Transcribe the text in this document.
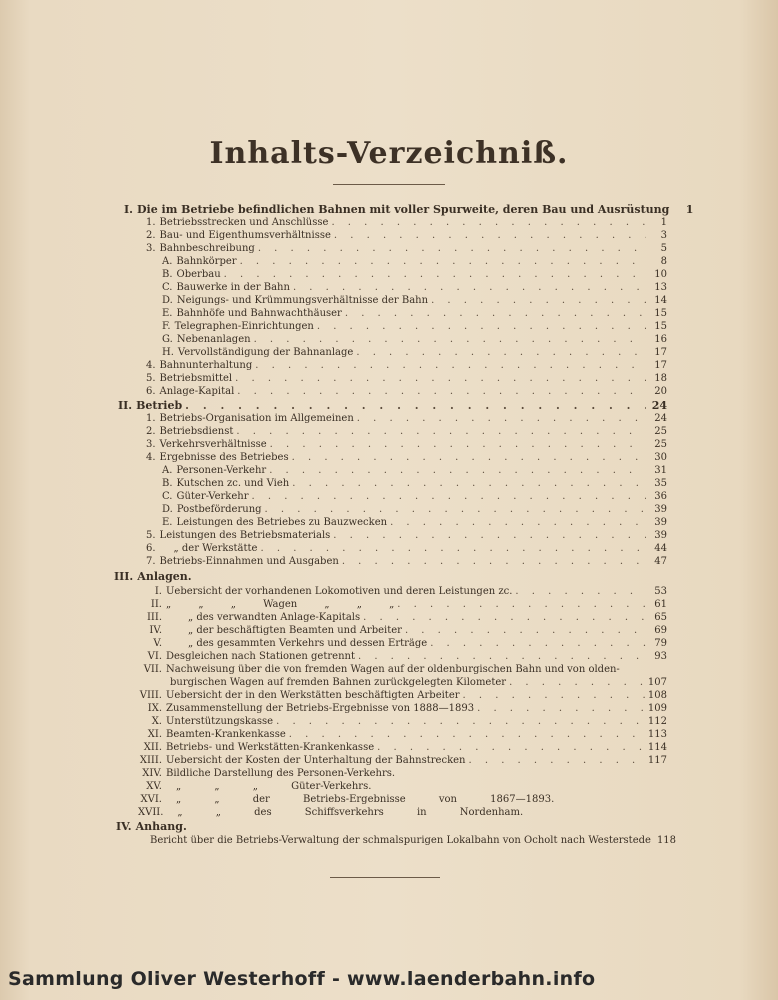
Inhalts-Verzeichniß.
I. Die im Betriebe befindlichen Bahnen mit voller Spurweite, deren Bau und Ausrüstung	1
1. Betriebsstrecken und Anschlüsse . . .	1
2. Bau- und Eigenthumsverhältnisse . . .	3
3. Bahnbeschreibung . . .	5
A. Bahnkörper . . .	8
B. Oberbau . . .	10
C. Bauwerke in der Bahn . . .	13
D. Neigungs- und Krümmungsverhältnisse der Bahn . . .	14
E. Bahnhöfe und Bahnwachthäuser . . .	15
F. Telegraphen-Einrichtungen . . .	15
G. Nebenanlagen . . .	16
H. Vervollständigung der Bahnanlage . . .	17
4. Bahnunterhaltung . . .	17
5. Betriebsmittel . . .	18
6. Anlage-Kapital . . .	20
II. Betrieb . . .	24
1. Betriebs-Organisation im Allgemeinen . . .	24
2. Betriebsdienst . . .	25
3. Verkehrsverhältnisse . . .	25
4. Ergebnisse des Betriebes . . .	30
A. Personen-Verkehr . . .	31
B. Kutschen zc. und Vieh . . .	35
C. Güter-Verkehr . . .	36
D. Postbeförderung . . .	39
E. Leistungen des Betriebes zu Bauzwecken . . .	39
5. Leistungen des Betriebsmaterials . . .	39
6.	„ der Werkstätte . . .	44
7. Betriebs-Einnahmen und Ausgaben . . .	47
III. Anlagen.
I. Uebersicht der vorhandenen Lokomotiven und deren Leistungen zc. . . .	53
II. „ „ „ Wagen „ „ „ . . .	61
III.	„ des verwandten Anlage-Kapitals . . .	65
IV.	„ der beschäftigten Beamten und Arbeiter . . .	69
V.	„ des gesammten Verkehrs und dessen Erträge . . .	79
VI. Desgleichen nach Stationen getrennt . . .	93
VII. Nachweisung über die von fremden Wagen auf der oldenburgischen Bahn und von olden-
burgischen Wagen auf fremden Bahnen zurückgelegten Kilometer . . .	107
VIII. Uebersicht der in den Werkstätten beschäftigten Arbeiter . . .	108
IX. Zusammenstellung der Betriebs-Ergebnisse von 1888—1893 . . .	109
X. Unterstützungskasse . . .	112
XI. Beamten-Krankenkasse . . .	113
XII. Betriebs- und Werkstätten-Krankenkasse . . .	114
XIII. Uebersicht der Kosten der Unterhaltung der Bahnstrecken . . .	117
XIV. Bildliche Darstellung des Personen-Verkehrs.
XV.	„ „ „ Güter-Verkehrs.
XVI.	„ „ der Betriebs-Ergebnisse von 1867—1893.
XVII.	„ „ des Schiffsverkehrs in Nordenham.
IV. Anhang.
Bericht über die Betriebs-Verwaltung der schmalspurigen Lokalbahn von Ocholt nach Westerstede 118
Sammlung Oliver Westerhoff - www.laenderbahn.info
